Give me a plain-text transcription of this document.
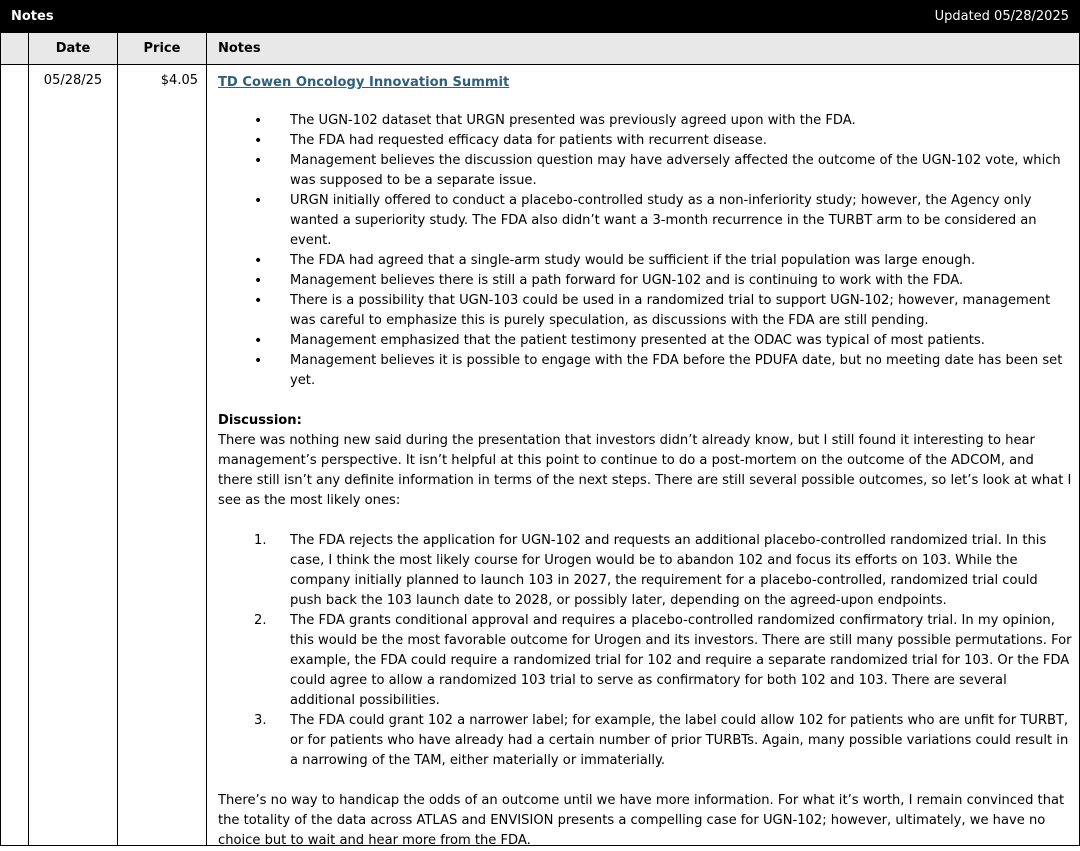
Notes	Updated 05/28/2025
Date	Price	Notes
05/28/25	$4.05 TD Cowen Oncology Innovation Summit
• The UGN-102 dataset that URGN presented was previously agreed upon with the FDA.
• The FDA had requested efficacy data for patients with recurrent disease.
• Management believes the discussion question may have adversely affected the outcome of the UGN-102 vote, which was supposed to be a separate issue.
• URGN initially offered to conduct a placebo-controlled study as a non-inferiority study; however, the Agency only wanted a superiority study. The FDA also didn’t want a 3-month recurrence in the TURBT arm to be considered an event.
• The FDA had agreed that a single-arm study would be sufficient if the trial population was large enough.
• Management believes there is still a path forward for UGN-102 and is continuing to work with the FDA.
• There is a possibility that UGN-103 could be used in a randomized trial to support UGN-102; however, management was careful to emphasize this is purely speculation, as discussions with the FDA are still pending.
• Management emphasized that the patient testimony presented at the ODAC was typical of most patients.
• Management believes it is possible to engage with the FDA before the PDUFA date, but no meeting date has been set yet.
Discussion:
There was nothing new said during the presentation that investors didn’t already know, but I still found it interesting to hear management’s perspective. It isn’t helpful at this point to continue to do a post-mortem on the outcome of the ADCOM, and there still isn’t any definite information in terms of the next steps. There are still several possible outcomes, so let’s look at what I see as the most likely ones:
1. The FDA rejects the application for UGN-102 and requests an additional placebo-controlled randomized trial. In this case, I think the most likely course for Urogen would be to abandon 102 and focus its efforts on 103. While the company initially planned to launch 103 in 2027, the requirement for a placebo-controlled, randomized trial could push back the 103 launch date to 2028, or possibly later, depending on the agreed-upon endpoints.
2. The FDA grants conditional approval and requires a placebo-controlled randomized confirmatory trial. In my opinion, this would be the most favorable outcome for Urogen and its investors. There are still many possible permutations. For example, the FDA could require a randomized trial for 102 and require a separate randomized trial for 103. Or the FDA could agree to allow a randomized 103 trial to serve as confirmatory for both 102 and 103. There are several additional possibilities.
3. The FDA could grant 102 a narrower label; for example, the label could allow 102 for patients who are unfit for TURBT, or for patients who have already had a certain number of prior TURBTs. Again, many possible variations could result in a narrowing of the TAM, either materially or immaterially.
There’s no way to handicap the odds of an outcome until we have more information. For what it’s worth, I remain convinced that the totality of the data across ATLAS and ENVISION presents a compelling case for UGN-102; however, ultimately, we have no choice but to wait and hear more from the FDA.
